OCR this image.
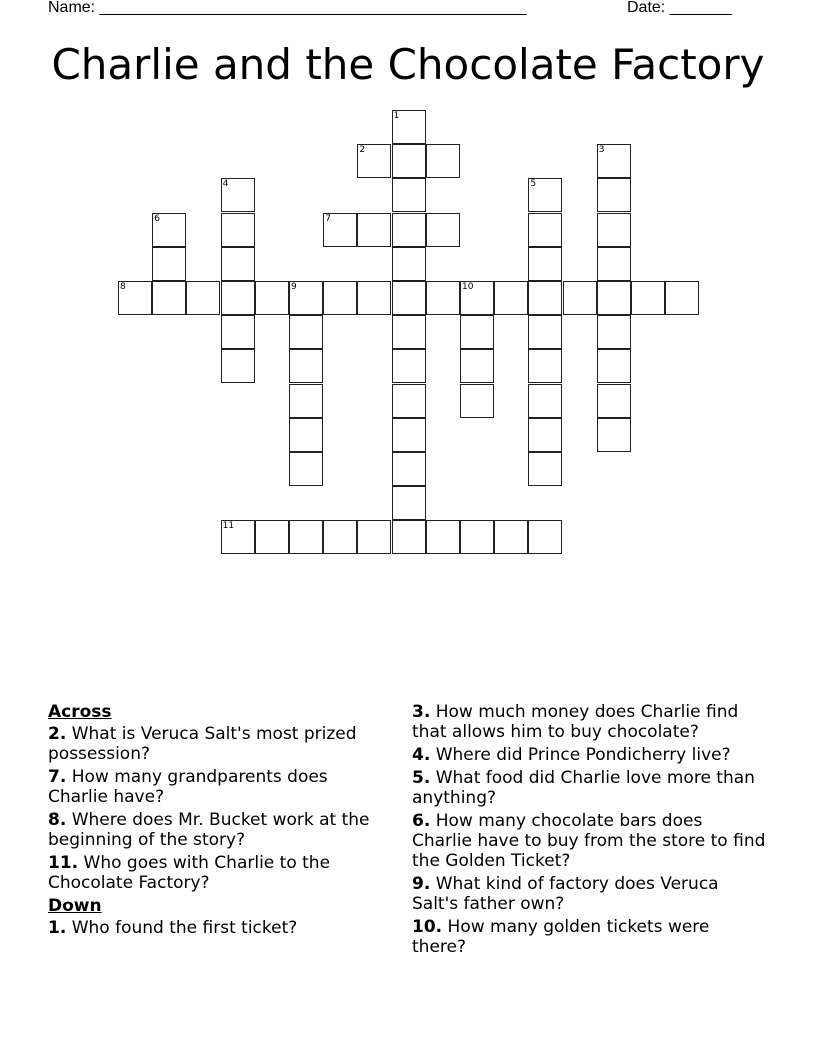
Name: ________________________________________________	Date: _______
Charlie and the Chocolate Factory
1
2	3
4	5
6	7
8	9	10
11
Across
2. What is Veruca Salt's most prized possession?
7. How many grandparents does Charlie have?
8. Where does Mr. Bucket work at the beginning of the story?
11. Who goes with Charlie to the Chocolate Factory?
Down
1. Who found the first ticket?
3. How much money does Charlie find that allows him to buy chocolate?
4. Where did Prince Pondicherry live?
5. What food did Charlie love more than anything?
6. How many chocolate bars does Charlie have to buy from the store to find the Golden Ticket?
9. What kind of factory does Veruca Salt's father own?
10. How many golden tickets were there?
